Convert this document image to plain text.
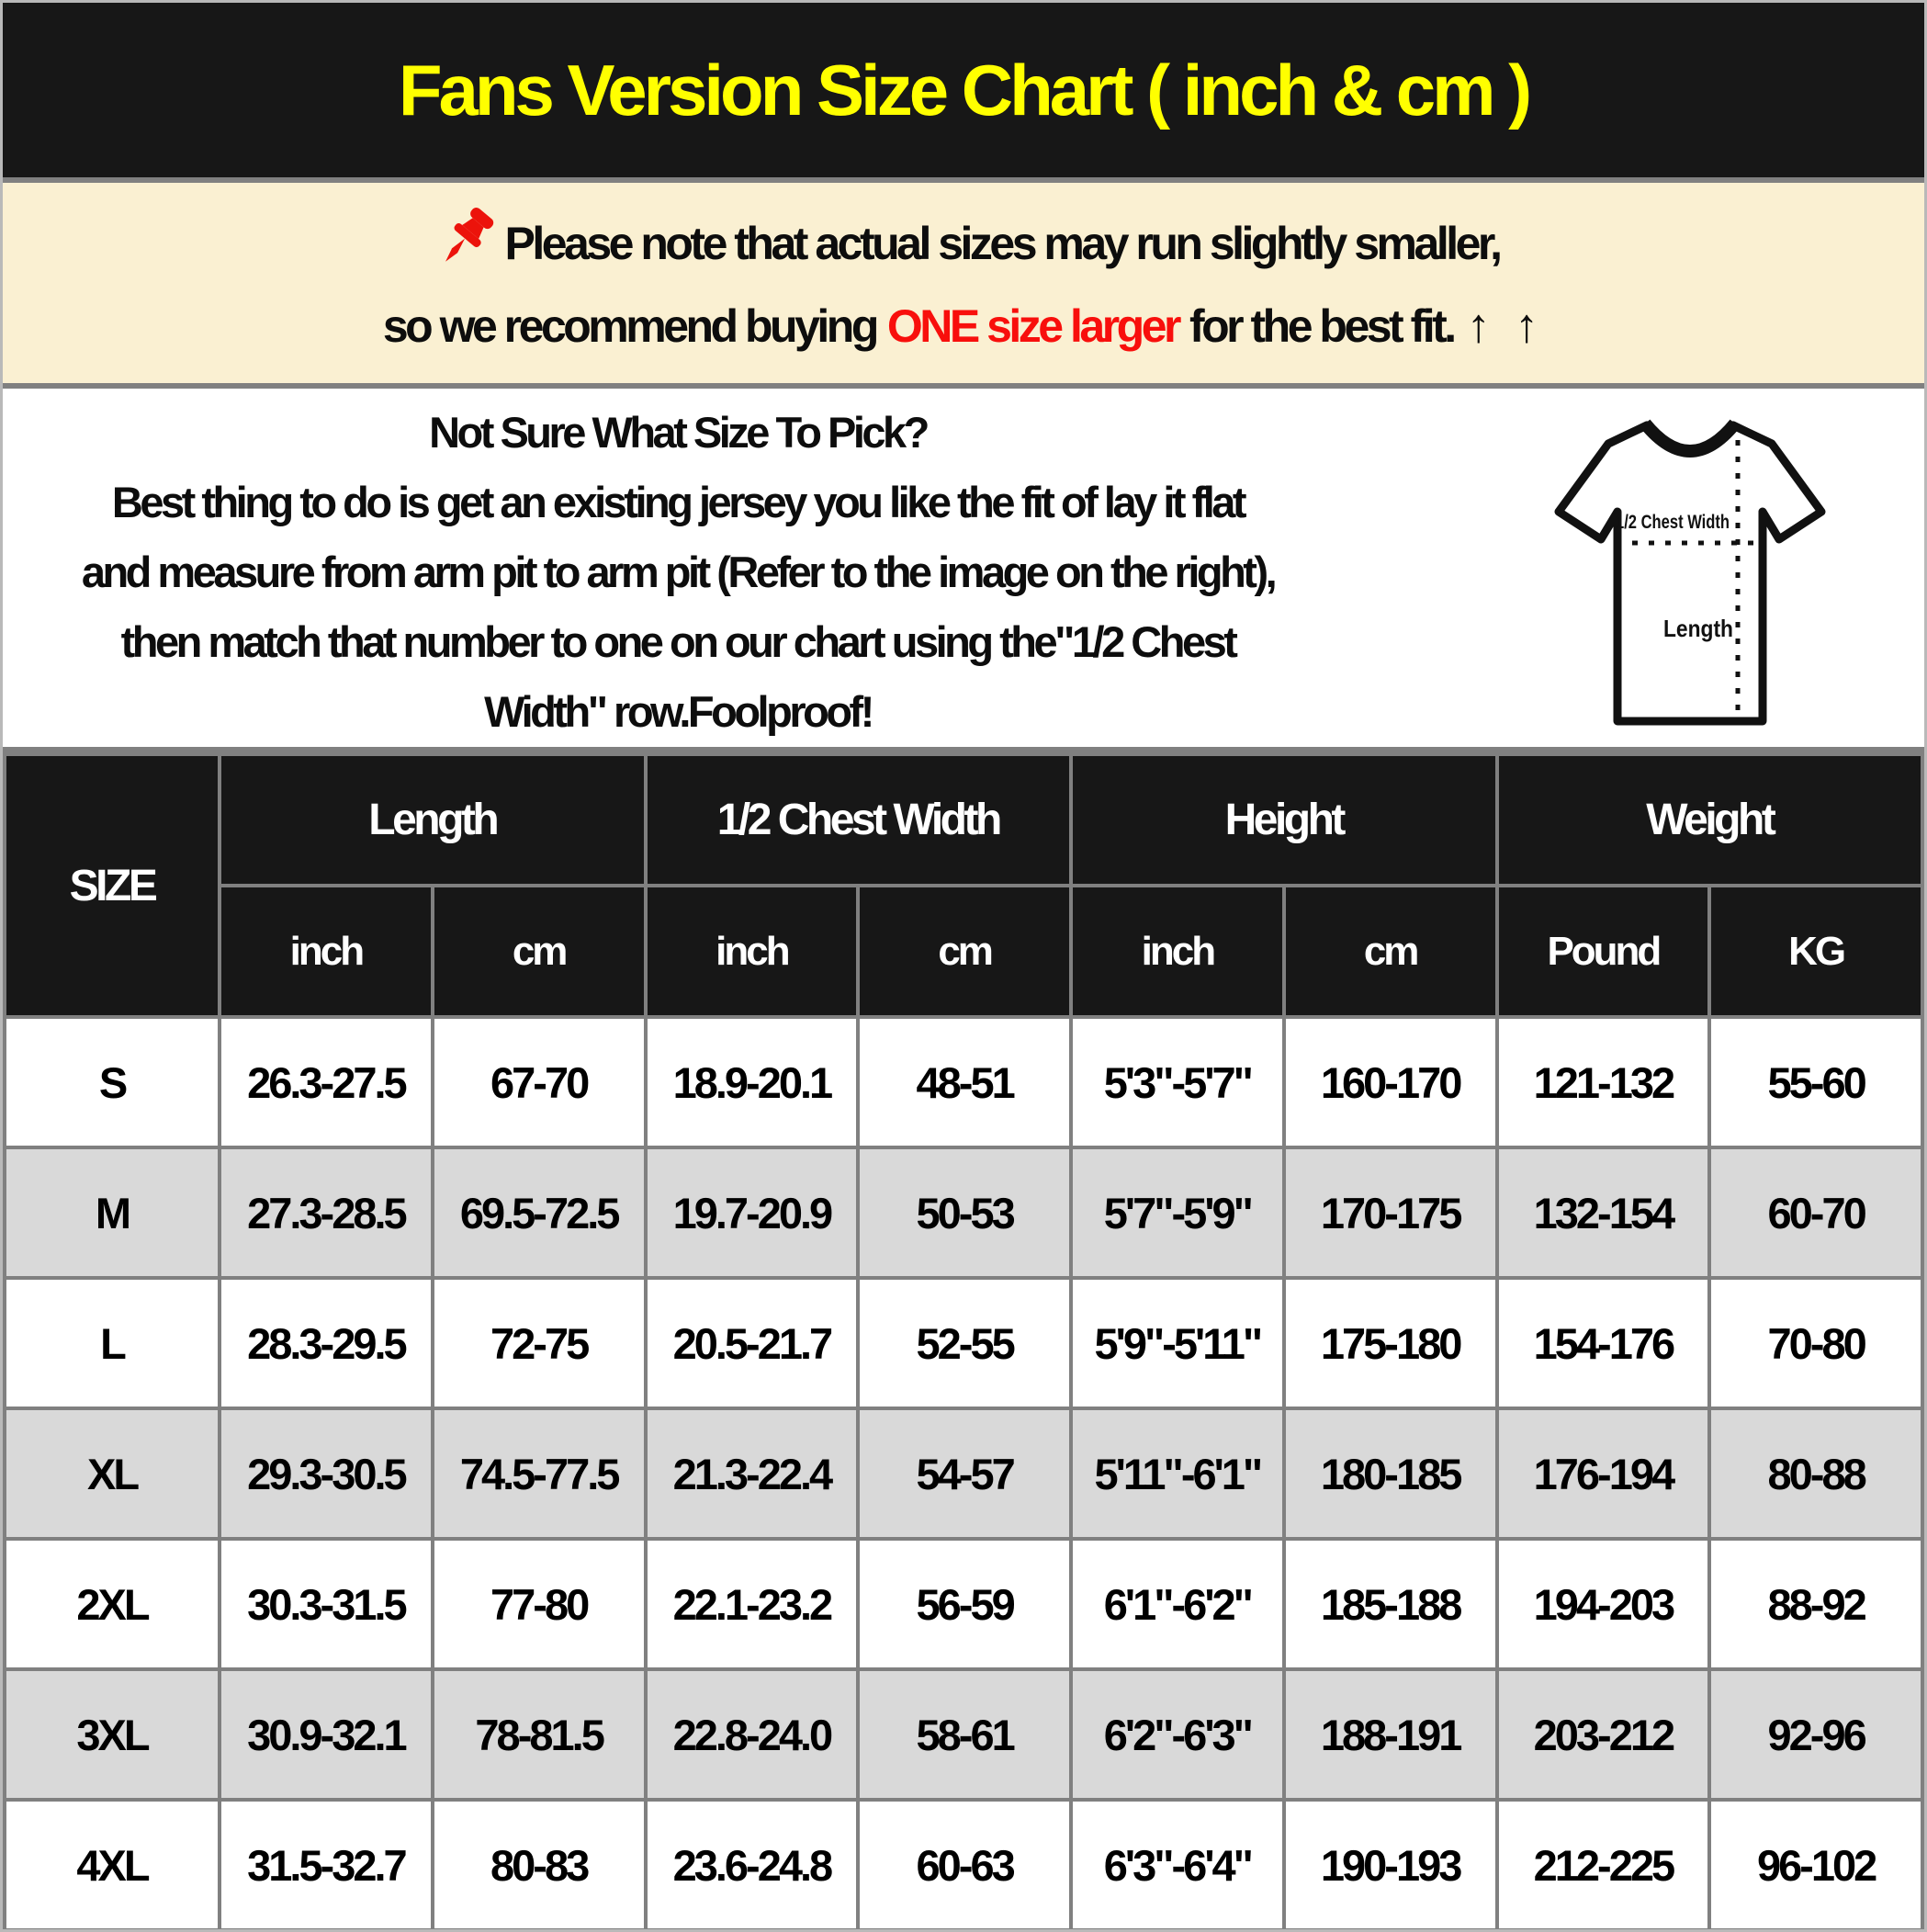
Fans Version Size Chart ( inch & cm )
Please note that actual sizes may run slightly smaller,
so we recommend buying ONE size larger for the best fit. ↑ ↑
Not Sure What Size To Pick?
Best thing to do is get an existing jersey you like the fit of lay it flat
and measure from arm pit to arm pit (Refer to the image on the right),
then match that number to one on our chart using the"1/2 Chest
Width" row.Foolproof!
1/2 Chest Width
Length
SIZE	Length		1/2 Chest Width		Height		Weight	
	inch	cm	inch	cm	inch	cm	Pound	KG
S	26.3-27.5	67-70	18.9-20.1	48-51	5'3"-5'7"	160-170	121-132	55-60
M	27.3-28.5	69.5-72.5	19.7-20.9	50-53	5'7"-5'9"	170-175	132-154	60-70
L	28.3-29.5	72-75	20.5-21.7	52-55	5'9"-5'11"	175-180	154-176	70-80
XL	29.3-30.5	74.5-77.5	21.3-22.4	54-57	5'11"-6'1"	180-185	176-194	80-88
2XL	30.3-31.5	77-80	22.1-23.2	56-59	6'1"-6'2"	185-188	194-203	88-92
3XL	30.9-32.1	78-81.5	22.8-24.0	58-61	6'2"-6'3"	188-191	203-212	92-96
4XL	31.5-32.7	80-83	23.6-24.8	60-63	6'3"-6'4"	190-193	212-225	96-102
